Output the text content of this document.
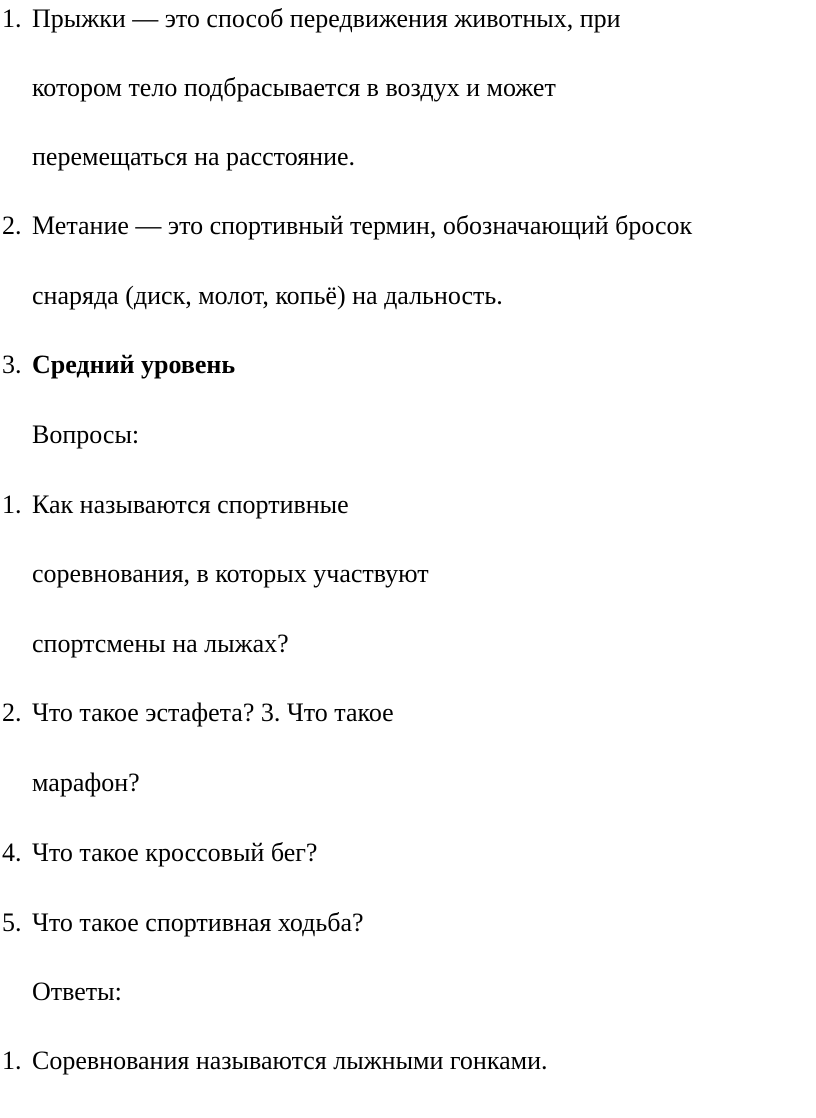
1. Прыжки — это способ передвижения животных, при
котором тело подбрасывается в воздух и может
перемещаться на расстояние.
2. Метание — это спортивный термин, обозначающий бросок
снаряда (диск, молот, копьё) на дальность.
3. Средний уровень
Вопросы:
1. Как называются спортивные
соревнования, в которых участвуют
спортсмены на лыжах?
2. Что такое эстафета? 3. Что такое
марафон?
4. Что такое кроссовый бег?
5. Что такое спортивная ходьба?
Ответы:
1. Соревнования называются лыжными гонками.
